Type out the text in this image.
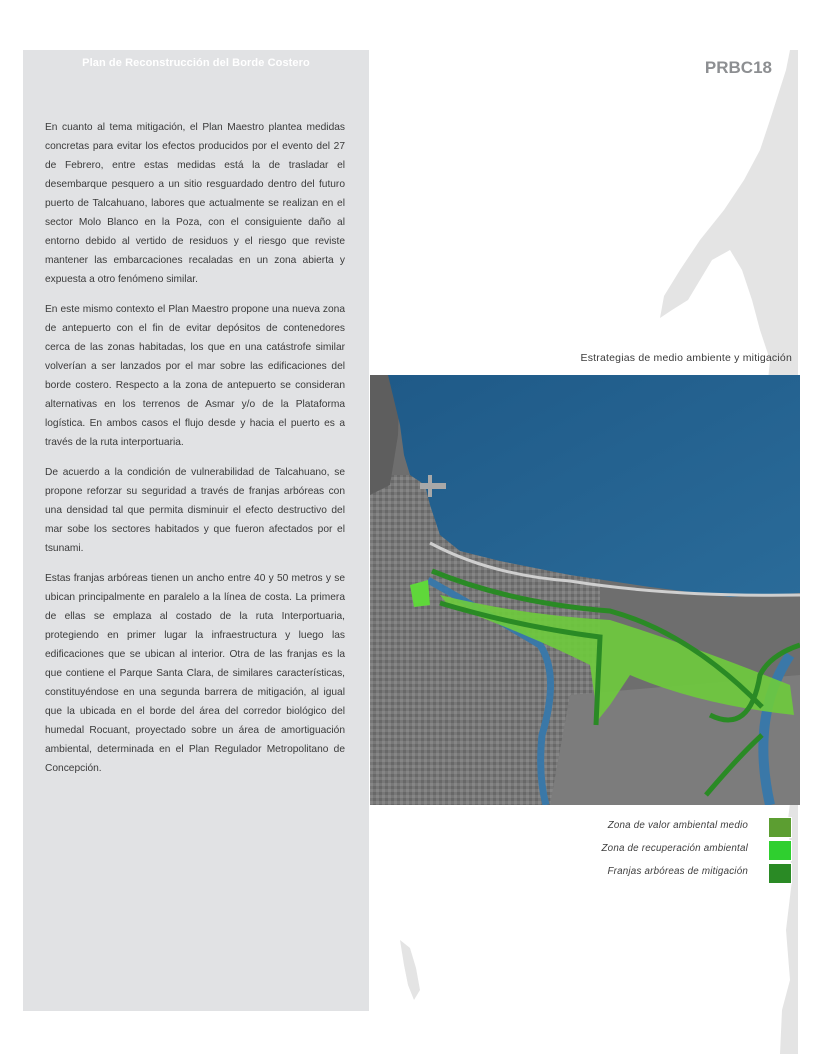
Plan de Reconstrucción del Borde Costero

En cuanto al tema mitigación, el Plan Maestro plantea medidas concretas para evitar los efectos producidos por el evento del 27 de Febrero, entre estas medidas está la de trasladar el desembarque pesquero a un sitio resguardado dentro del futuro puerto de Talcahuano, labores que actualmente se realizan en el sector Molo Blanco en la Poza, con el consiguiente daño al entorno debido al vertido de residuos y el riesgo que reviste mantener las embarcaciones recaladas en un zona abierta y expuesta a otro fenómeno similar.

En este mismo contexto el Plan Maestro propone una nueva zona de antepuerto con el fin de evitar depósitos de contenedores cerca de las zonas habitadas, los que en una catástrofe similar volverían a ser lanzados por el mar sobre las edificaciones del borde costero. Respecto a la zona de antepuerto se consideran alternativas en los terrenos de Asmar y/o de la Plataforma logística. En ambos casos el flujo desde y hacia el puerto es a través de la ruta interportuaria.

De acuerdo a la condición de vulnerabilidad de Talcahuano, se propone reforzar su seguridad a través de franjas arbóreas con una densidad tal que permita disminuir el efecto destructivo del mar sobe los sectores habitados y que fueron afectados por el tsunami.

Estas franjas arbóreas tienen un ancho entre 40 y 50 metros y se ubican principalmente en paralelo a la línea de costa. La primera de ellas se emplaza al costado de la ruta Interportuaria, protegiendo en primer lugar la infraestructura y luego las edificaciones que se ubican al interior. Otra de las franjas es la que contiene el Parque Santa Clara, de similares características, constituyéndose en una segunda barrera de mitigación, al igual que la ubicada en el borde del área del corredor biológico del humedal Rocuant, proyectado sobre un área de amortiguación ambiental, determinada en el Plan Regulador Metropolitano de Concepción.

PRBC18
Estrategias de medio ambiente y mitigación
Zona de valor ambiental medio
Zona de recuperación ambiental
Franjas arbóreas de mitigación
24
